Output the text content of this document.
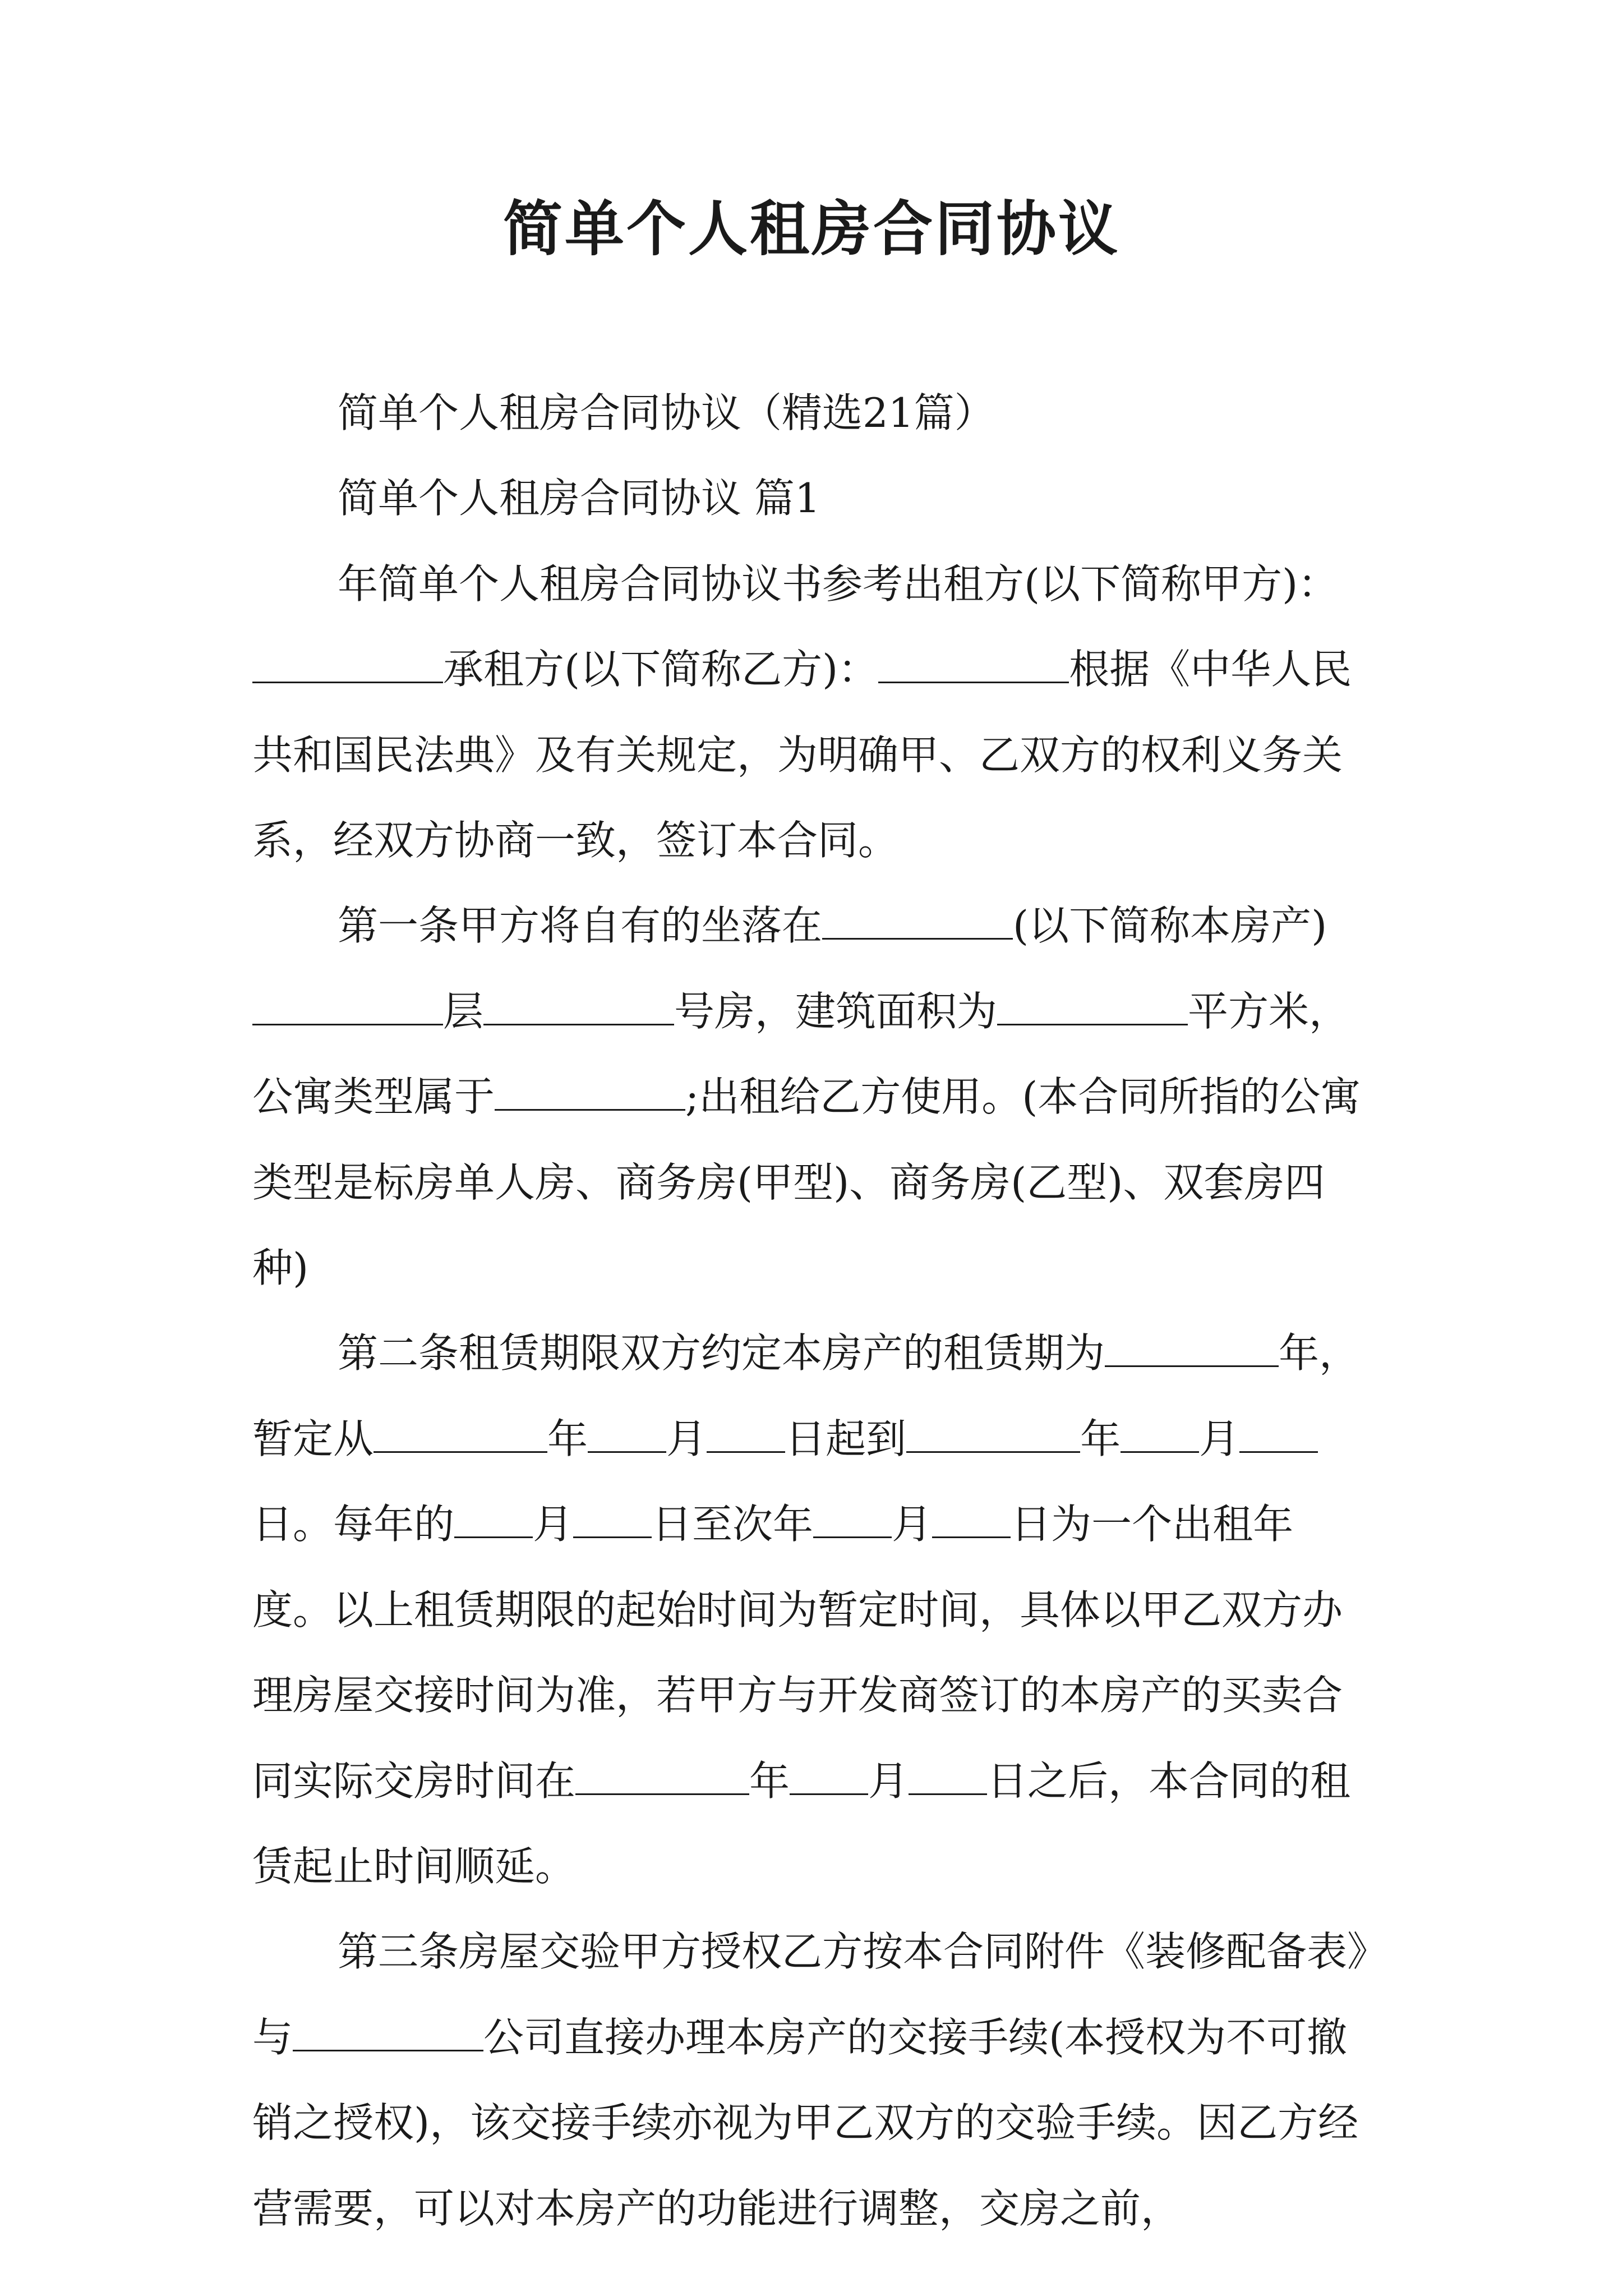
简单个人租房合同协议

简单个人租房合同协议（精选21篇）

简单个人租房合同协议 篇1

年简单个人租房合同协议书参考出租方(以下简称甲方)：承租方(以下简称乙方)：	根据《中华人民共和国民法典》及有关规定，为明确甲、乙双方的权利义务关系，经双方协商一致，签订本合同。

第一条甲方将自有的坐落在	(以下简称本房产)层	号房，建筑面积为	平方米，公寓类型属于	;出租给乙方使用。(本合同所指的公寓类型是标房单人房、商务房(甲型)、商务房(乙型)、双套房四种)

第二条租赁期限双方约定本房产的租赁期为	年，暂定从	年 月 日起到	年 月日。每年的 月 日至次年 月 日为一个出租年度。以上租赁期限的起始时间为暂定时间，具体以甲乙双方办理房屋交接时间为准，若甲方与开发商签订的本房产的买卖合同实际交房时间在	年 月 日之后，本合同的租赁起止时间顺延。

第三条房屋交验甲方授权乙方按本合同附件《装修配备表》与	公司直接办理本房产的交接手续(本授权为不可撤销之授权)，该交接手续亦视为甲乙双方的交验手续。因乙方经营需要，可以对本房产的功能进行调整，交房之前，
